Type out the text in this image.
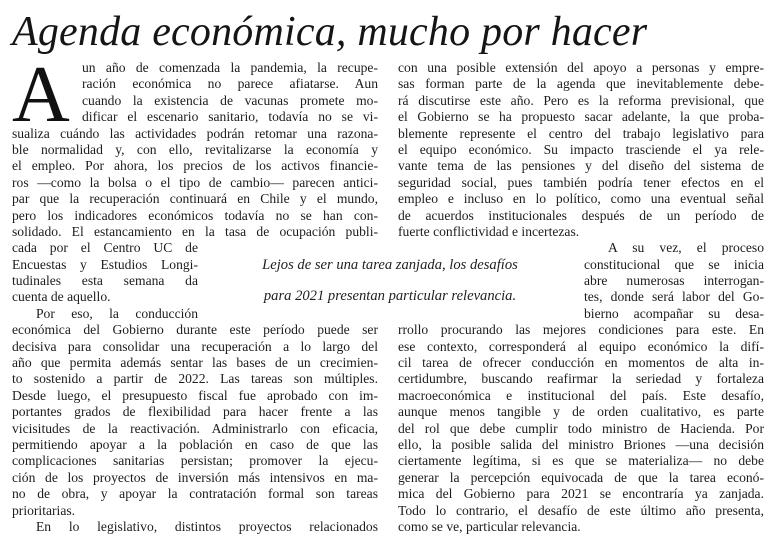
Agenda económica, mucho por hacer
A un año de comenzada la pandemia, la recupe-
ración económica no parece afiatarse. Aun
cuando la existencia de vacunas promete mo-
dificar el escenario sanitario, todavía no se vi-
sualiza cuándo las actividades podrán retomar una razona-
ble normalidad y, con ello, revitalizarse la economía y
el empleo. Por ahora, los precios de los activos financie-
ros —como la bolsa o el tipo de cambio— parecen antici-
par que la recuperación continuará en Chile y el mundo,
pero los indicadores económicos todavía no se han con-
solidado. El estancamiento en la tasa de ocupación publi-
cada por el Centro UC de
Encuestas y Estudios Longi-
tudinales esta semana da
cuenta de aquello.
Por eso, la conducción
económica del Gobierno durante este período puede ser
decisiva para consolidar una recuperación a lo largo del
año que permita además sentar las bases de un crecimien-
to sostenido a partir de 2022. Las tareas son múltiples.
Desde luego, el presupuesto fiscal fue aprobado con im-
portantes grados de flexibilidad para hacer frente a las
vicisitudes de la reactivación. Administrarlo con eficacia,
permitiendo apoyar a la población en caso de que las
complicaciones sanitarias persistan; promover la ejecu-
ción de los proyectos de inversión más intensivos en ma-
no de obra, y apoyar la contratación formal son tareas
prioritarias.
En lo legislativo, distintos proyectos relacionados
Lejos de ser una tarea zanjada, los desafíos
para 2021 presentan particular relevancia.
con una posible extensión del apoyo a personas y empre-
sas forman parte de la agenda que inevitablemente debe-
rá discutirse este año. Pero es la reforma previsional, que
el Gobierno se ha propuesto sacar adelante, la que proba-
blemente represente el centro del trabajo legislativo para
el equipo económico. Su impacto trasciende el ya rele-
vante tema de las pensiones y del diseño del sistema de
seguridad social, pues también podría tener efectos en el
empleo e incluso en lo político, como una eventual señal
de acuerdos institucionales después de un período de
fuerte conflictividad e incertezas.
A su vez, el proceso
constitucional que se inicia
abre numerosas interrogan-
tes, donde será labor del Go-
bierno acompañar su desa-
rrollo procurando las mejores condiciones para este. En
ese contexto, corresponderá al equipo económico la difí-
cil tarea de ofrecer conducción en momentos de alta in-
certidumbre, buscando reafirmar la seriedad y fortaleza
macroeconómica e institucional del país. Este desafío,
aunque menos tangible y de orden cualitativo, es parte
del rol que debe cumplir todo ministro de Hacienda. Por
ello, la posible salida del ministro Briones —una decisión
ciertamente legítima, si es que se materializa— no debe
generar la percepción equivocada de que la tarea econó-
mica del Gobierno para 2021 se encontraría ya zanjada.
Todo lo contrario, el desafío de este último año presenta,
como se ve, particular relevancia.
